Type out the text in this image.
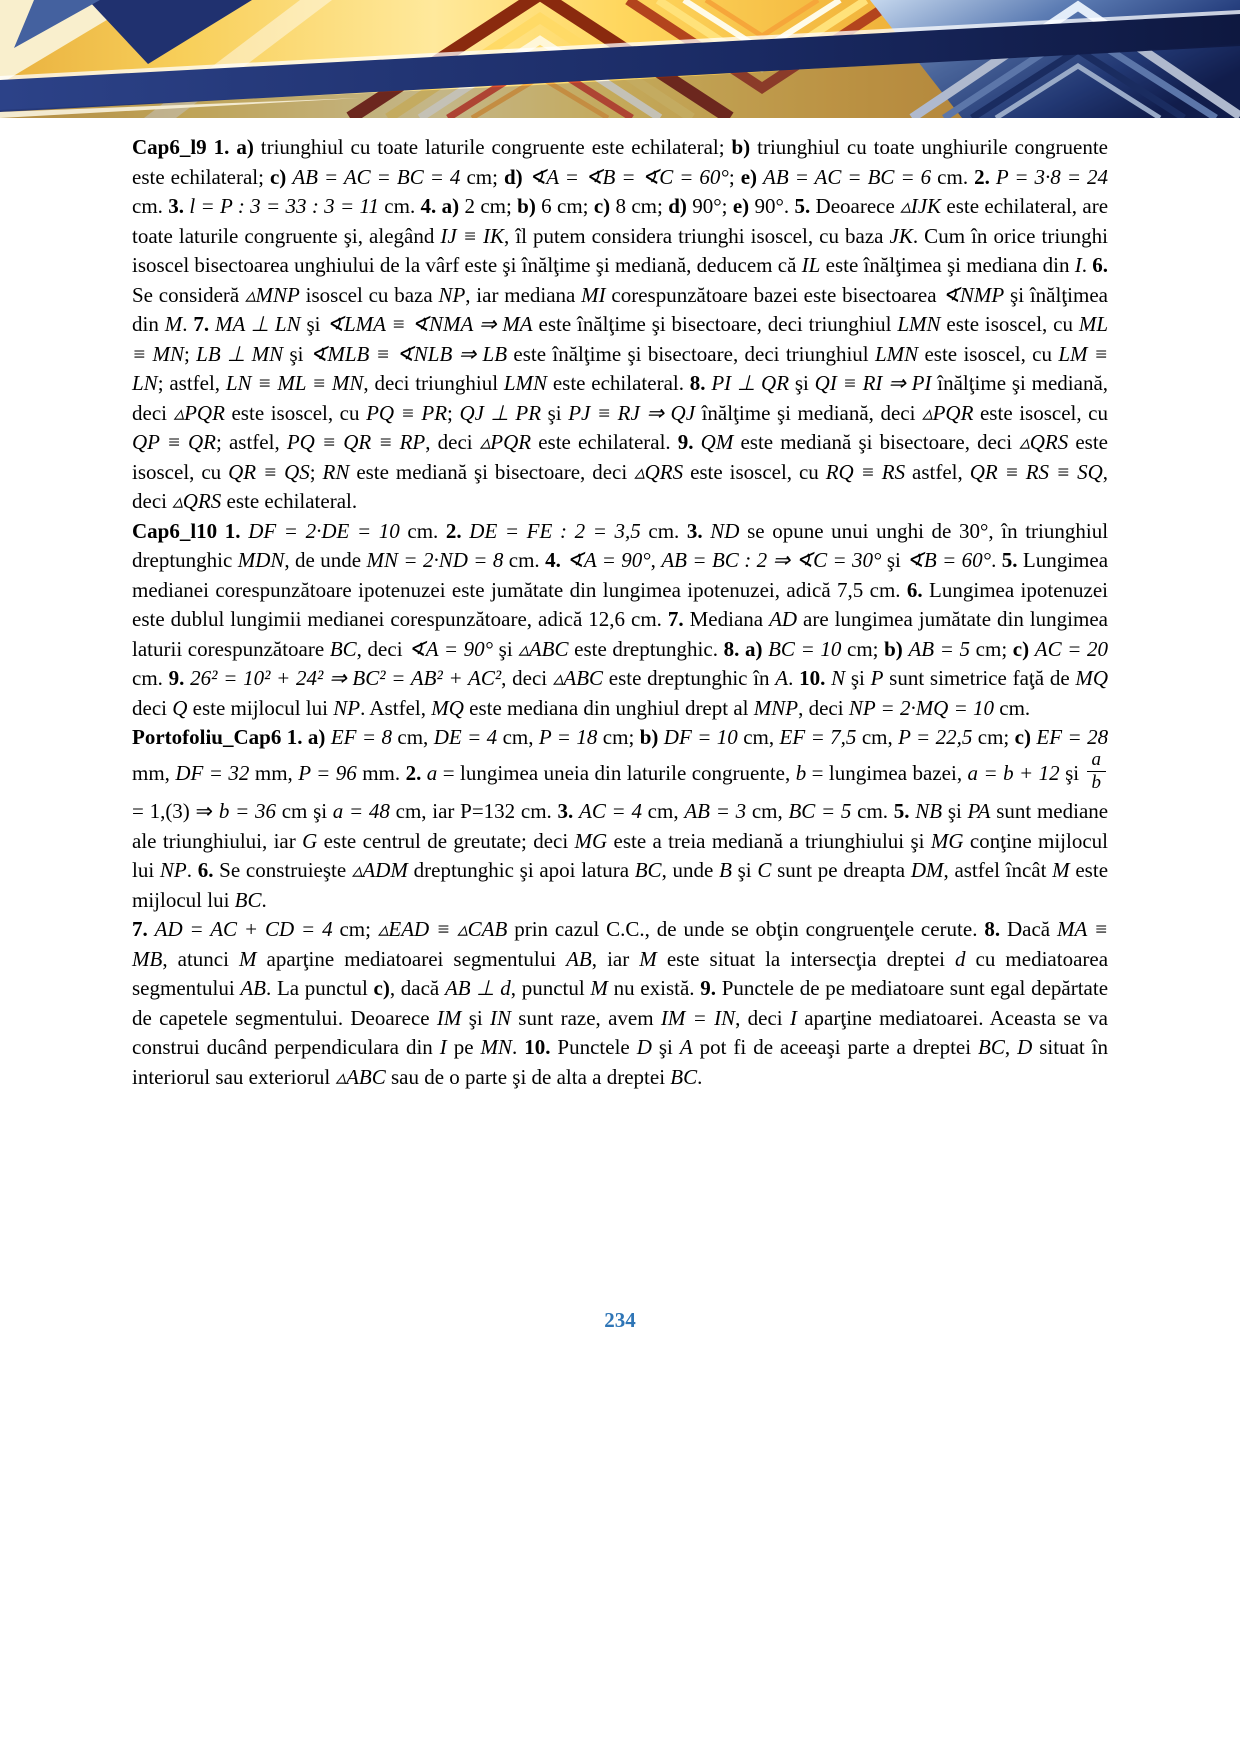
Cap6_l9 1. a) triunghiul cu toate laturile congruente este echilateral; b) triunghiul cu toate unghiurile congruente este echilateral; c) AB = AC = BC = 4 cm; d) ∢A = ∢B = ∢C = 60°; e) AB = AC = BC = 6 cm. 2. P = 3·8 = 24 cm. 3. l = P : 3 = 33 : 3 = 11 cm. 4. a) 2 cm; b) 6 cm; c) 8 cm; d) 90°; e) 90°. 5. Deoarece ▵IJK este echilateral, are toate laturile congruente şi, alegând IJ ≡ IK, îl putem considera triunghi isoscel, cu baza JK. Cum în orice triunghi isoscel bisectoarea unghiului de la vârf este şi înălţime şi mediană, deducem că IL este înălţimea şi mediana din I. 6. Se consideră ▵MNP isoscel cu baza NP, iar mediana MI corespunzătoare bazei este bisectoarea ∢NMP şi înălţimea din M. 7. MA ⊥ LN şi ∢LMA ≡ ∢NMA ⇒ MA este înălţime şi bisectoare, deci triunghiul LMN este isoscel, cu ML ≡ MN; LB ⊥ MN şi ∢MLB ≡ ∢NLB ⇒ LB este înălţime şi bisectoare, deci triunghiul LMN este isoscel, cu LM ≡ LN; astfel, LN ≡ ML ≡ MN, deci triunghiul LMN este echilateral. 8. PI ⊥ QR şi QI ≡ RI ⇒ PI înălţime şi mediană, deci ▵PQR este isoscel, cu PQ ≡ PR; QJ ⊥ PR şi PJ ≡ RJ ⇒ QJ înălţime şi mediană, deci ▵PQR este isoscel, cu QP ≡ QR; astfel, PQ ≡ QR ≡ RP, deci ▵PQR este echilateral. 9. QM este mediană şi bisectoare, deci ▵QRS este isoscel, cu QR ≡ QS; RN este mediană şi bisectoare, deci ▵QRS este isoscel, cu RQ ≡ RS astfel, QR ≡ RS ≡ SQ, deci ▵QRS este echilateral.

Cap6_l10 1. DF = 2·DE = 10 cm. 2. DE = FE : 2 = 3,5 cm. 3. ND se opune unui unghi de 30°, în triunghiul dreptunghic MDN, de unde MN = 2·ND = 8 cm. 4. ∢A = 90°, AB = BC : 2 ⇒ ∢C = 30° şi ∢B = 60°. 5. Lungimea medianei corespunzătoare ipotenuzei este jumătate din lungimea ipotenuzei, adică 7,5 cm. 6. Lungimea ipotenuzei este dublul lungimii medianei corespunzătoare, adică 12,6 cm. 7. Mediana AD are lungimea jumătate din lungimea laturii corespunzătoare BC, deci ∢A = 90° şi ▵ABC este dreptunghic. 8. a) BC = 10 cm; b) AB = 5 cm; c) AC = 20 cm. 9. 26² = 10² + 24² ⇒ BC² = AB² + AC², deci ▵ABC este dreptunghic în A. 10. N şi P sunt simetrice faţă de MQ deci Q este mijlocul lui NP. Astfel, MQ este mediana din unghiul drept al MNP, deci NP = 2·MQ = 10 cm.

Portofoliu_Cap6 1. a) EF = 8 cm, DE = 4 cm, P = 18 cm; b) DF = 10 cm, EF = 7,5 cm, P = 22,5 cm; c) EF = 28 mm, DF = 32 mm, P = 96 mm. 2. a = lungimea uneia din laturile congruente, b = lungimea bazei, a = b + 12 şi $\frac{a}{b}$
= 1,(3) ⇒ b = 36 cm şi a = 48 cm, iar P=132 cm. 3. AC = 4 cm, AB = 3 cm, BC = 5 cm. 5. NB şi PA sunt mediane ale triunghiului, iar G este centrul de greutate; deci MG este a treia mediană a triunghiului şi MG conţine mijlocul lui NP. 6. Se construieşte ▵ADM dreptunghic şi apoi latura BC, unde B şi C sunt pe dreapta DM, astfel încât M este mijlocul lui BC.

7. AD = AC + CD = 4 cm; ▵EAD ≡ ▵CAB prin cazul C.C., de unde se obţin congruenţele cerute. 8. Dacă MA ≡ MB, atunci M aparţine mediatoarei segmentului AB, iar M este situat la intersecţia dreptei d cu mediatoarea segmentului AB. La punctul c), dacă AB ⊥ d, punctul M nu există. 9. Punctele de pe mediatoare sunt egal depărtate de capetele segmentului. Deoarece IM şi IN sunt raze, avem IM = IN, deci I aparţine mediatoarei. Aceasta se va construi ducând perpendiculara din I pe MN. 10. Punctele D şi A pot fi de aceeaşi parte a dreptei BC, D situat în interiorul sau exteriorul ▵ABC sau de o parte şi de alta a dreptei BC.

234
